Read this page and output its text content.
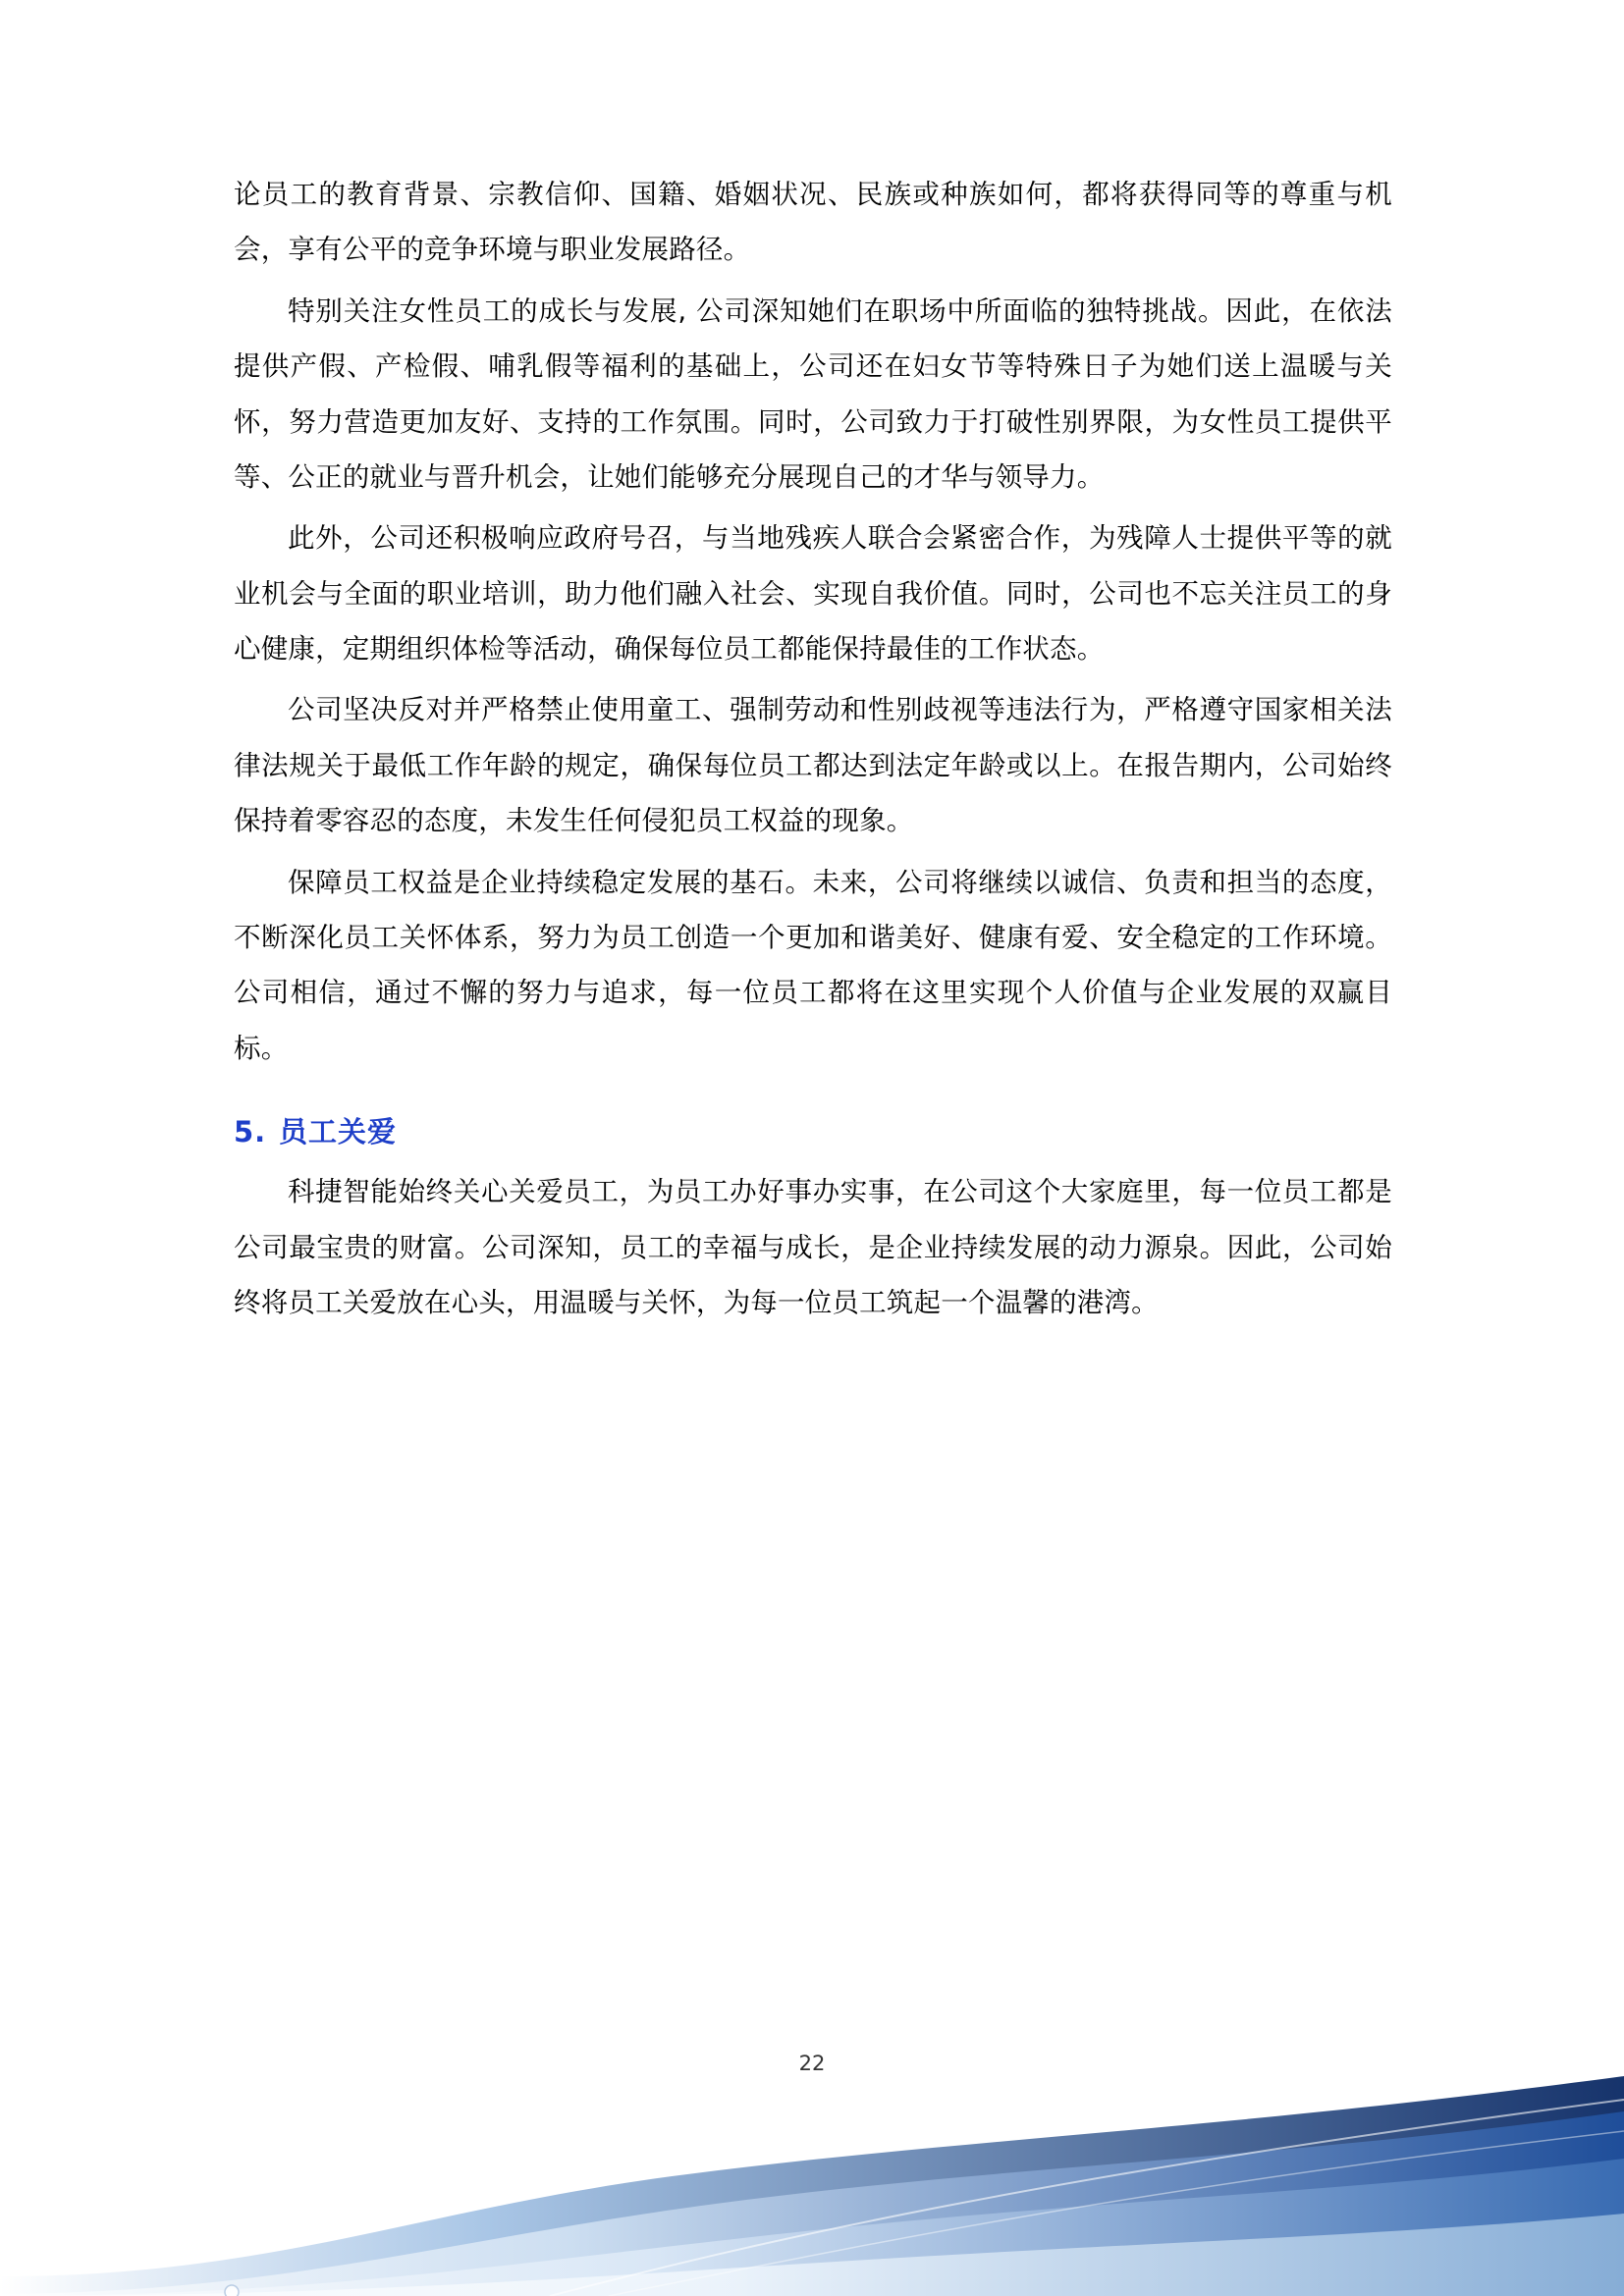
论员工的教育背景、宗教信仰、国籍、婚姻状况、民族或种族如何，都将获得同等的尊重与机会，享有公平的竞争环境与职业发展路径。

特别关注女性员工的成长与发展, 公司深知她们在职场中所面临的独特挑战。因此，在依法提供产假、产检假、哺乳假等福利的基础上，公司还在妇女节等特殊日子为她们送上温暖与关怀，努力营造更加友好、支持的工作氛围。同时，公司致力于打破性别界限，为女性员工提供平等、公正的就业与晋升机会，让她们能够充分展现自己的才华与领导力。

此外，公司还积极响应政府号召，与当地残疾人联合会紧密合作，为残障人士提供平等的就业机会与全面的职业培训，助力他们融入社会、实现自我价值。同时，公司也不忘关注员工的身心健康，定期组织体检等活动，确保每位员工都能保持最佳的工作状态。

公司坚决反对并严格禁止使用童工、强制劳动和性别歧视等违法行为，严格遵守国家相关法律法规关于最低工作年龄的规定，确保每位员工都达到法定年龄或以上。在报告期内，公司始终保持着零容忍的态度，未发生任何侵犯员工权益的现象。

保障员工权益是企业持续稳定发展的基石。未来，公司将继续以诚信、负责和担当的态度，不断深化员工关怀体系，努力为员工创造一个更加和谐美好、健康有爱、安全稳定的工作环境。公司相信，通过不懈的努力与追求，每一位员工都将在这里实现个人价值与企业发展的双赢目标。

5. 员工关爱

科捷智能始终关心关爱员工，为员工办好事办实事，在公司这个大家庭里，每一位员工都是公司最宝贵的财富。公司深知，员工的幸福与成长，是企业持续发展的动力源泉。因此，公司始终将员工关爱放在心头，用温暖与关怀，为每一位员工筑起一个温馨的港湾。

22
